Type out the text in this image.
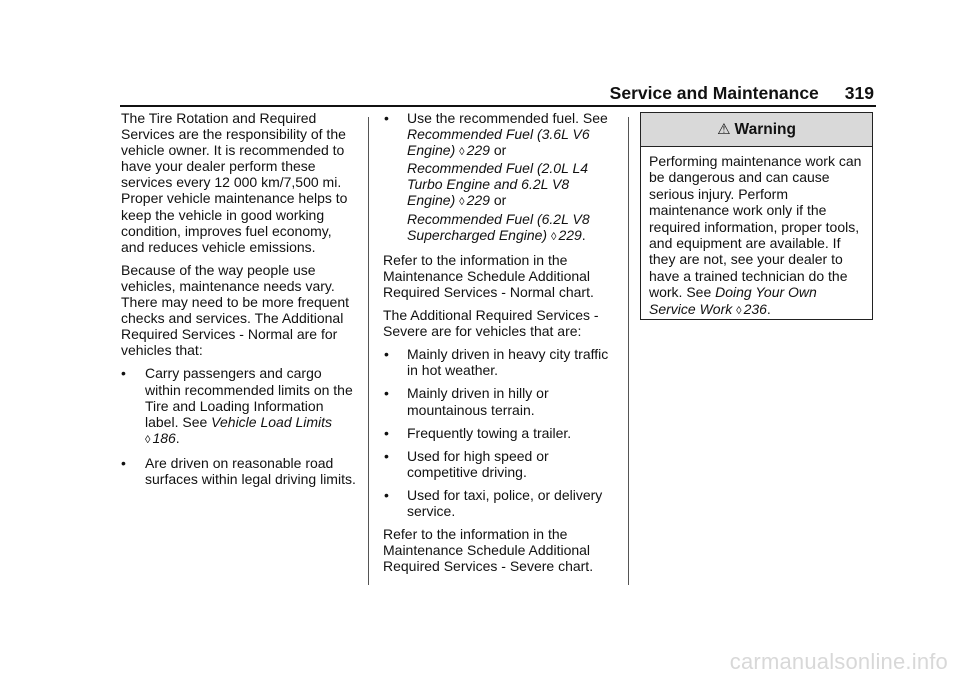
Service and Maintenance 319

The Tire Rotation and Required Services are the responsibility of the vehicle owner. It is recommended to have your dealer perform these services every 12 000 km/7,500 mi. Proper vehicle maintenance helps to keep the vehicle in good working condition, improves fuel economy, and reduces vehicle emissions.

Because of the way people use vehicles, maintenance needs vary. There may need to be more frequent checks and services. The Additional Required Services - Normal are for vehicles that:

• Carry passengers and cargo within recommended limits on the Tire and Loading Information label. See Vehicle Load Limits
◊ 186.
• Are driven on reasonable road surfaces within legal driving limits.
• Use the recommended fuel. See Recommended Fuel (3.6L V6 Engine) ◊ 229 or
Recommended Fuel (2.0L L4 Turbo Engine and 6.2L V8 Engine) ◊ 229 or
Recommended Fuel (6.2L V8 Supercharged Engine) ◊ 229.

Refer to the information in the Maintenance Schedule Additional Required Services - Normal chart.

The Additional Required Services - Severe are for vehicles that are:

• Mainly driven in heavy city traffic in hot weather.
• Mainly driven in hilly or mountainous terrain.
• Frequently towing a trailer.
• Used for high speed or competitive driving.
• Used for taxi, police, or delivery service.

Refer to the information in the Maintenance Schedule Additional Required Services - Severe chart.

⚠ Warning

Performing maintenance work can be dangerous and can cause serious injury. Perform maintenance work only if the required information, proper tools, and equipment are available. If they are not, see your dealer to have a trained technician do the work. See Doing Your Own Service Work ◊ 236.

carmanualsonline.info
